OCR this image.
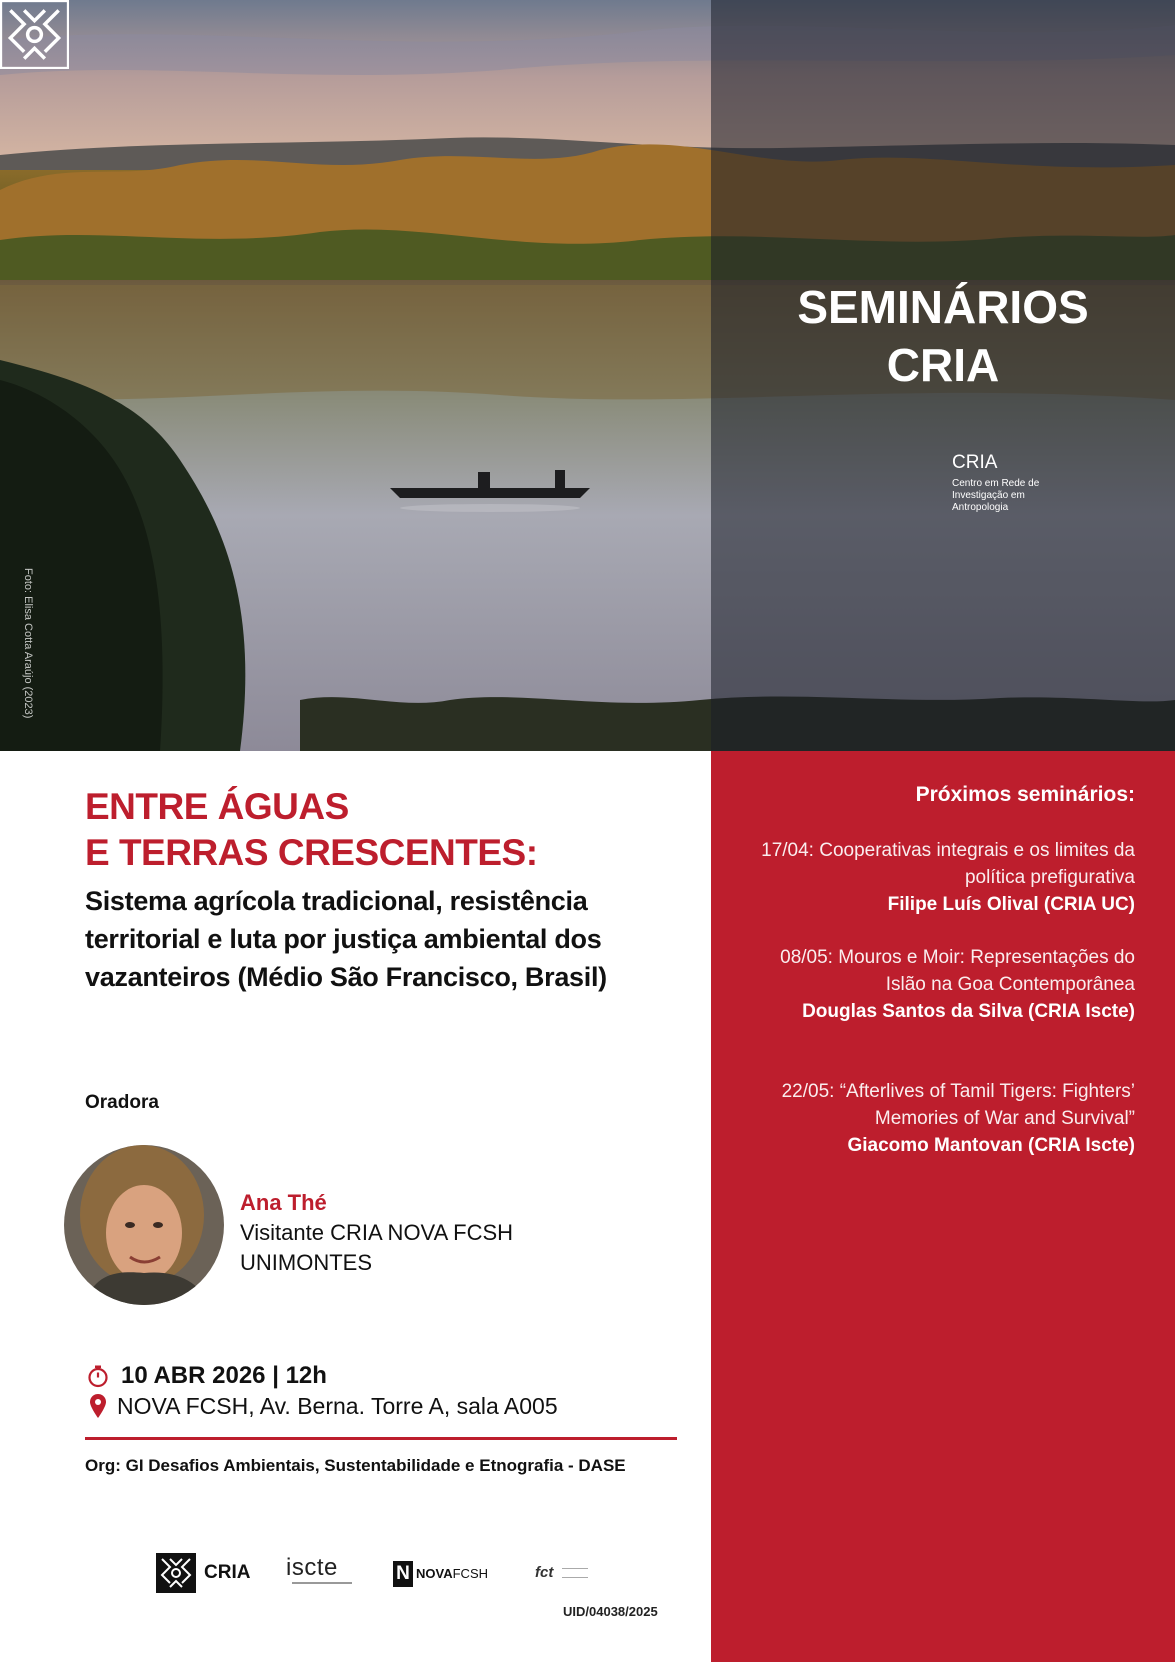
Foto: Elisa Cotta Araújo (2023)
SEMINÁRIOS
CRIA
CRIA
Centro em Rede de Investigação em Antropologia
Próximos seminários:
17/04: Cooperativas integrais e os limites da política prefigurativa
Filipe Luís Olival (CRIA UC)
08/05: Mouros e Moir: Representações do Islão na Goa Contemporânea
Douglas Santos da Silva (CRIA Iscte)
22/05: “Afterlives of Tamil Tigers: Fighters’ Memories of War and Survival”
Giacomo Mantovan (CRIA Iscte)
ENTRE ÁGUAS
E TERRAS CRESCENTES:
Sistema agrícola tradicional, resistência territorial e luta por justiça ambiental dos vazanteiros (Médio São Francisco, Brasil)
Oradora
Ana Thé
Visitante CRIA NOVA FCSH
UNIMONTES
10 ABR 2026 | 12h
NOVA FCSH, Av. Berna. Torre A, sala A005
Org: GI Desafios Ambientais, Sustentabilidade e Etnografia - DASE
CRIA iscte	N NOVAFCSH	fct
UID/04038/2025
